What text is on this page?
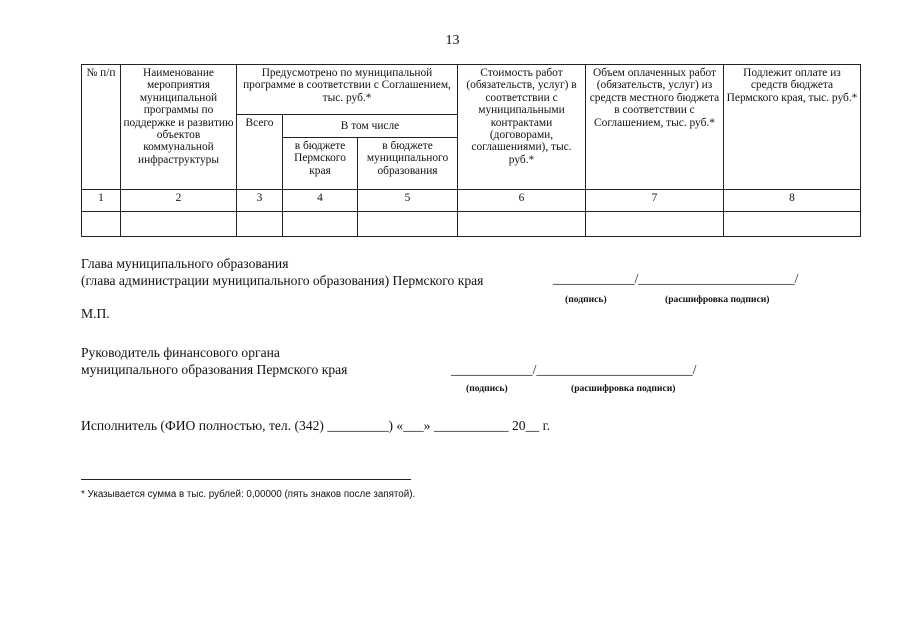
13
№ п/п	Наименование мероприятия муниципальной программы по поддержке и развитию объектов коммунальной инфраструктуры	Предусмотрено по муниципальной программе в соответствии с Соглашением, тыс. руб.*			Стоимость работ (обязательств, услуг) в соответствии с муниципальными контрактами (договорами, соглашениями), тыс. руб.*	Объем оплаченных работ (обязательств, услуг) из средств местного бюджета в соответствии с Соглашением, тыс. руб.*	Подлежит оплате из средств бюджета Пермского края, тыс. руб.*
		Всего	В том числе				
			в бюджете Пермского края	в бюджете муниципального образования			
1	2	3	4	5	6	7	8

Глава муниципального образования
(глава администрации муниципального образования) Пермского края	____________/_______________________/
(подпись)	(расшифровка подписи)
М.П.
Руководитель финансового органа
муниципального образования Пермского края	____________/_______________________/
(подпись)	(расшифровка подписи)
Исполнитель (ФИО полностью, тел. (342) _________) «___» ___________ 20__ г.
* Указывается сумма в тыс. рублей: 0,00000 (пять знаков после запятой).
